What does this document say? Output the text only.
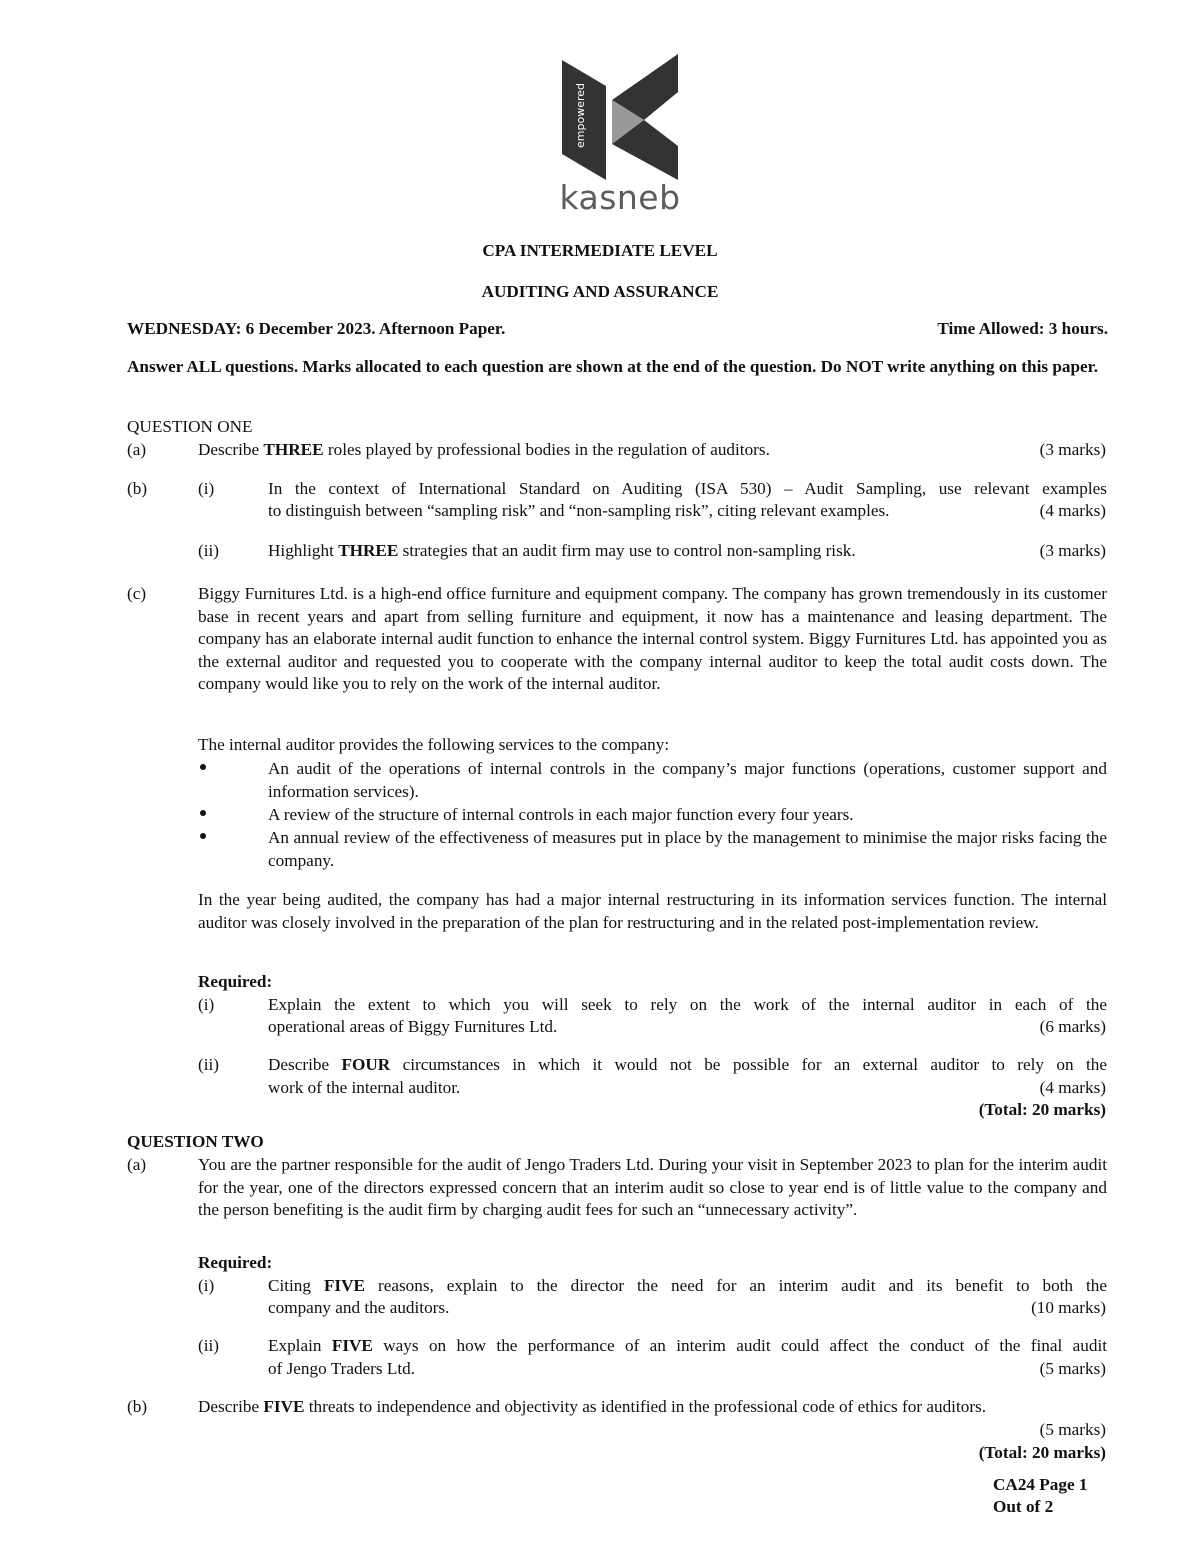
empowered
kasneb
CPA INTERMEDIATE LEVEL
AUDITING AND ASSURANCE
WEDNESDAY: 6 December 2023. Afternoon Paper.	Time Allowed: 3 hours.
Answer ALL questions. Marks allocated to each question are shown at the end of the question. Do NOT write anything on this paper.
QUESTION ONE
(a)	Describe THREE roles played by professional bodies in the regulation of auditors.	(3 marks)
(b)	(i)	In the context of International Standard on Auditing (ISA 530) – Audit Sampling, use relevant examples
to distinguish between “sampling risk” and “non-sampling risk”, citing relevant examples.	(4 marks)
(ii)	Highlight THREE strategies that an audit firm may use to control non-sampling risk.	(3 marks)
(c)	Biggy Furnitures Ltd. is a high-end office furniture and equipment company. The company has grown tremendously in its customer base in recent years and apart from selling furniture and equipment, it now has a maintenance and leasing department. The company has an elaborate internal audit function to enhance the internal control system. Biggy Furnitures Ltd. has appointed you as the external auditor and requested you to cooperate with the company internal auditor to keep the total audit costs down. The company would like you to rely on the work of the internal auditor.
The internal auditor provides the following services to the company:
An audit of the operations of internal controls in the company’s major functions (operations, customer support and information services).
A review of the structure of internal controls in each major function every four years.
An annual review of the effectiveness of measures put in place by the management to minimise the major risks facing the company.
In the year being audited, the company has had a major internal restructuring in its information services function. The internal auditor was closely involved in the preparation of the plan for restructuring and in the related post-implementation review.
Required:
(i)	Explain the extent to which you will seek to rely on the work of the internal auditor in each of the
operational areas of Biggy Furnitures Ltd.	(6 marks)
(ii)	Describe FOUR circumstances in which it would not be possible for an external auditor to rely on the
work of the internal auditor.	(4 marks)
(Total: 20 marks)
QUESTION TWO
(a)	You are the partner responsible for the audit of Jengo Traders Ltd. During your visit in September 2023 to plan for the interim audit for the year, one of the directors expressed concern that an interim audit so close to year end is of little value to the company and the person benefiting is the audit firm by charging audit fees for such an “unnecessary activity”.
Required:
(i)	Citing FIVE reasons, explain to the director the need for an interim audit and its benefit to both the
company and the auditors.	(10 marks)
(ii)	Explain FIVE ways on how the performance of an interim audit could affect the conduct of the final audit
of Jengo Traders Ltd.	(5 marks)
(b)	Describe FIVE threats to independence and objectivity as identified in the professional code of ethics for auditors.
(5 marks)
(Total: 20 marks)
CA24 Page 1
Out of 2
